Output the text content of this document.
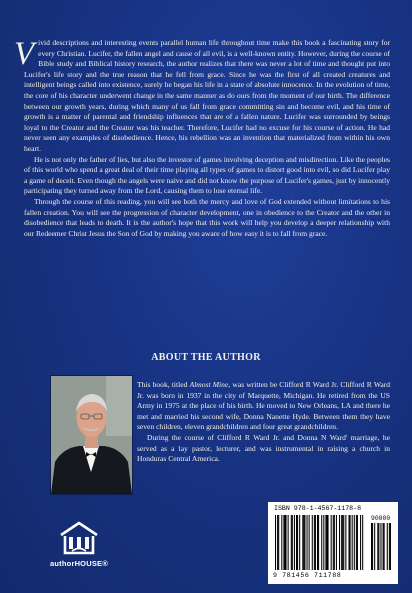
Vivid descriptions and interesting events parallel human life throughout time make this book a fascinating story for every Christian. Lucifer, the fallen angel and cause of all evil, is a well-known entity. However, during the course of Bible study and Biblical history research, the author realizes that there was never a lot of time and thought put into Lucifer's life story and the true reason that he fell from grace. Since he was the first of all created creatures and intelligent beings called into existence, surely he began his life in a state of absolute innocence. In the evolution of time, the core of his character underwent change in the same manner as do ours from the moment of our birth. The difference between our growth years, during which many of us fall from grace committing sin and become evil, and his time of growth is a matter of parental and friendship influences that are of a fallen nature. Lucifer was surrounded by beings loyal to the Creator and the Creator was his teacher. Therefore, Lucifer had no excuse for his course of action. He had never seen any examples of disobedience. Hence, his rebellion was an invention that materialized from within his own heart.

He is not only the father of lies, but also the investor of games involving deception and misdirection. Like the peoples of this world who spend a great deal of their time playing all types of games to distort good into evil, so did Lucifer play a game of deceit. Even though the angels were naive and did not know the purpose of Lucifer's games, just by innocently participating they turned away from the Lord, causing them to lose eternal life.

Through the course of this reading, you will see both the mercy and love of God extended without limitations to his fallen creation. You will see the progression of character development, one in obedience to the Creator and the other in disobedience that leads to death. It is the author's hope that this work will help you develop a deeper relationship with our Redeemer Christ Jesus the Son of God by making you aware of how easy it is to fall from grace.

ABOUT THE AUTHOR

This book, titled Almost Mine, was written be Clifford R Ward Jr. Clifford R Ward Jr. was born in 1937 in the city of Marquette, Michigan. He retired from the US Army in 1975 at the place of his birth. He moved to New Orleans, LA and there he met and married his second wife, Donna Nanette Hyde. Between them they have seven children, eleven grandchildren and four great grandchildren.

During the course of Clifford R Ward Jr. and Donna N Ward' marriage, he served as a lay pastor, lecturer, and was instrumental in raising a church in Honduras Central America.

authorHOUSE®
ISBN 978-1-4567-1178-8
90000
9 781456 711788
